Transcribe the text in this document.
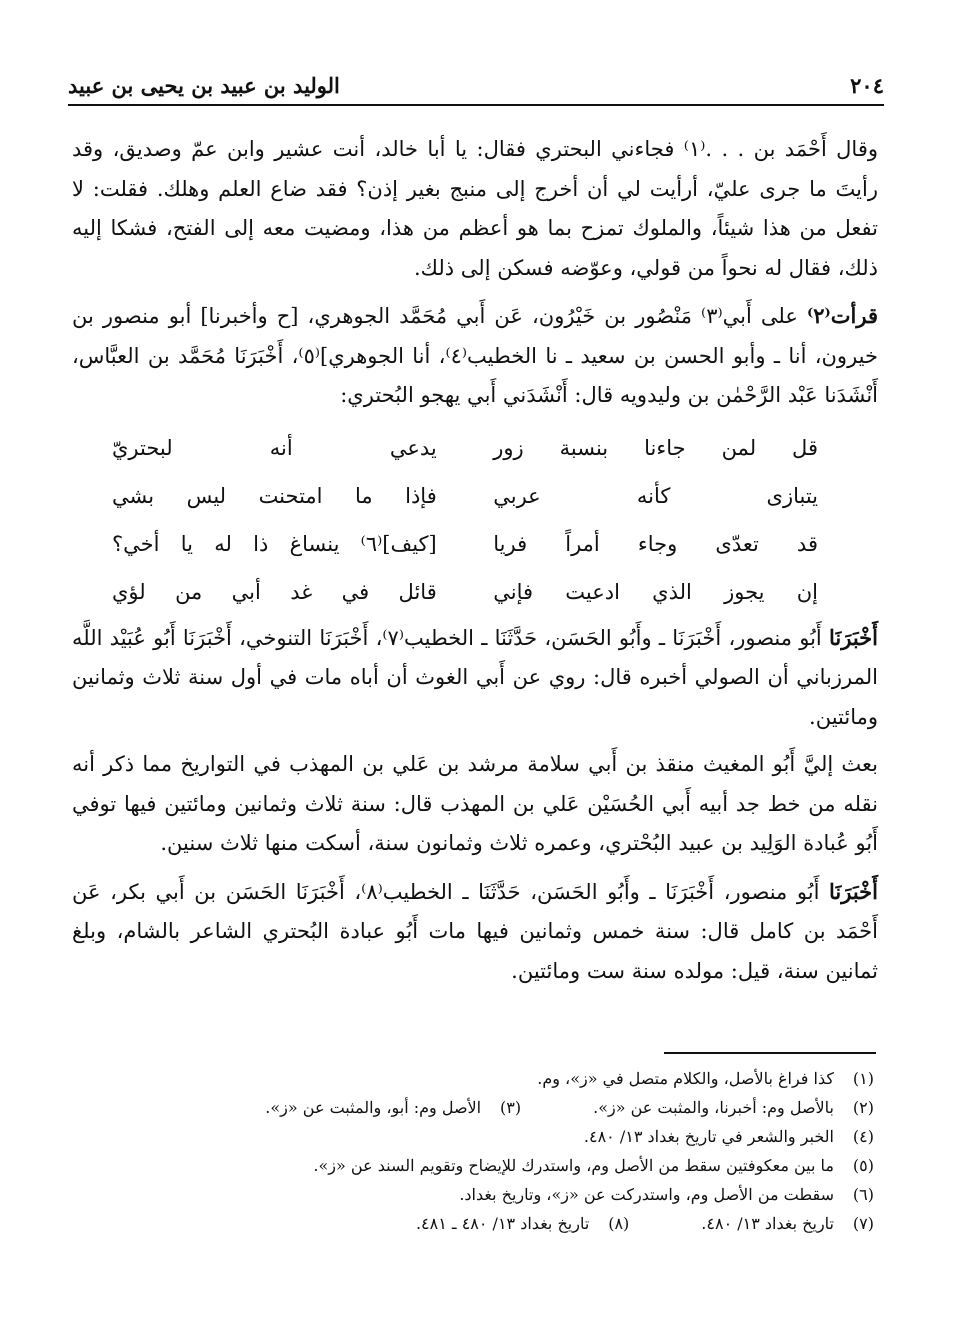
٢٠٤
الوليد بن عبيد بن يحيى بن عبيد

وقال أَحْمَد بن . . .⁽١⁾ فجاءني البحتري فقال: يا أبا خالد، أنت عشير وابن عمّ وصديق، وقد رأيتَ ما جرى عليّ، أرأيت لي أن أخرج إلى منبج بغير إذن؟ فقد ضاع العلم وهلك. فقلت: لا تفعل من هذا شيئاً، والملوك تمزح بما هو أعظم من هذا، ومضيت معه إلى الفتح، فشكا إليه ذلك، فقال له نحواً من قولي، وعوّضه فسكن إلى ذلك.

قرأت⁽٢⁾ على أَبي⁽٣⁾ مَنْصُور بن خَيْرُون، عَن أَبي مُحَمَّد الجوهري، [ح وأخبرنا] أبو منصور بن خيرون، أنا ـ وأبو الحسن بن سعيد ـ نا الخطيب⁽٤⁾، أنا الجوهري]⁽٥⁾، أَخْبَرَنَا مُحَمَّد بن العبَّاس، أَنْشَدَنا عَبْد الرَّحْمٰن بن وليدويه قال: أَنْشَدَني أَبي يهجو البُحتري:

قل لمن جاءنا بنسبة زور
يدعي أنه لبحتريّ
يتبازى كأنه عربي
فإذا ما امتحنت ليس بشي
قد تعدّى وجاء أمراً فريا
[كيف]⁽٦⁾ ينساغ ذا له يا أخي؟
إن يجوز الذي ادعيت فإني
قائل في غد أبي من لؤي

أَخْبَرَنَا أَبُو منصور، أَخْبَرَنَا ـ وأَبُو الحَسَن، حَدَّثَنَا ـ الخطيب⁽٧⁾، أَخْبَرَنَا التنوخي، أَخْبَرَنَا أَبُو عُبَيْد اللَّه المرزباني أن الصولي أخبره قال: روي عن أَبي الغوث أن أباه مات في أول سنة ثلاث وثمانين ومائتين.

بعث إليَّ أَبُو المغيث منقذ بن أَبي سلامة مرشد بن عَلي بن المهذب في التواريخ مما ذكر أنه نقله من خط جد أبيه أَبي الحُسَيْن عَلي بن المهذب قال: سنة ثلاث وثمانين ومائتين فيها توفي أَبُو عُبادة الوَلِيد بن عبيد البُحْتري، وعمره ثلاث وثمانون سنة، أسكت منها ثلاث سنين.

أَخْبَرَنَا أَبُو منصور، أَخْبَرَنَا ـ وأَبُو الحَسَن، حَدَّثَنَا ـ الخطيب⁽٨⁾، أَخْبَرَنَا الحَسَن بن أَبي بكر، عَن أَحْمَد بن كامل قال: سنة خمس وثمانين فيها مات أَبُو عبادة البُحتري الشاعر بالشام، وبلغ ثمانين سنة، قيل: مولده سنة ست ومائتين.

(١)
كذا فراغ بالأصل، والكلام متصل في «ز»، وم.
(٢)
بالأصل وم: أخبرنا، والمثبت عن «ز».
(٣)
الأصل وم: أبو، والمثبت عن «ز».
(٤)
الخبر والشعر في تاريخ بغداد ١٣/ ٤٨٠.
(٥)
ما بين معكوفتين سقط من الأصل وم، واستدرك للإيضاح وتقويم السند عن «ز».
(٦)
سقطت من الأصل وم، واستدركت عن «ز»، وتاريخ بغداد.
(٧)
تاريخ بغداد ١٣/ ٤٨٠.
(٨)
تاريخ بغداد ١٣/ ٤٨٠ ـ ٤٨١.
